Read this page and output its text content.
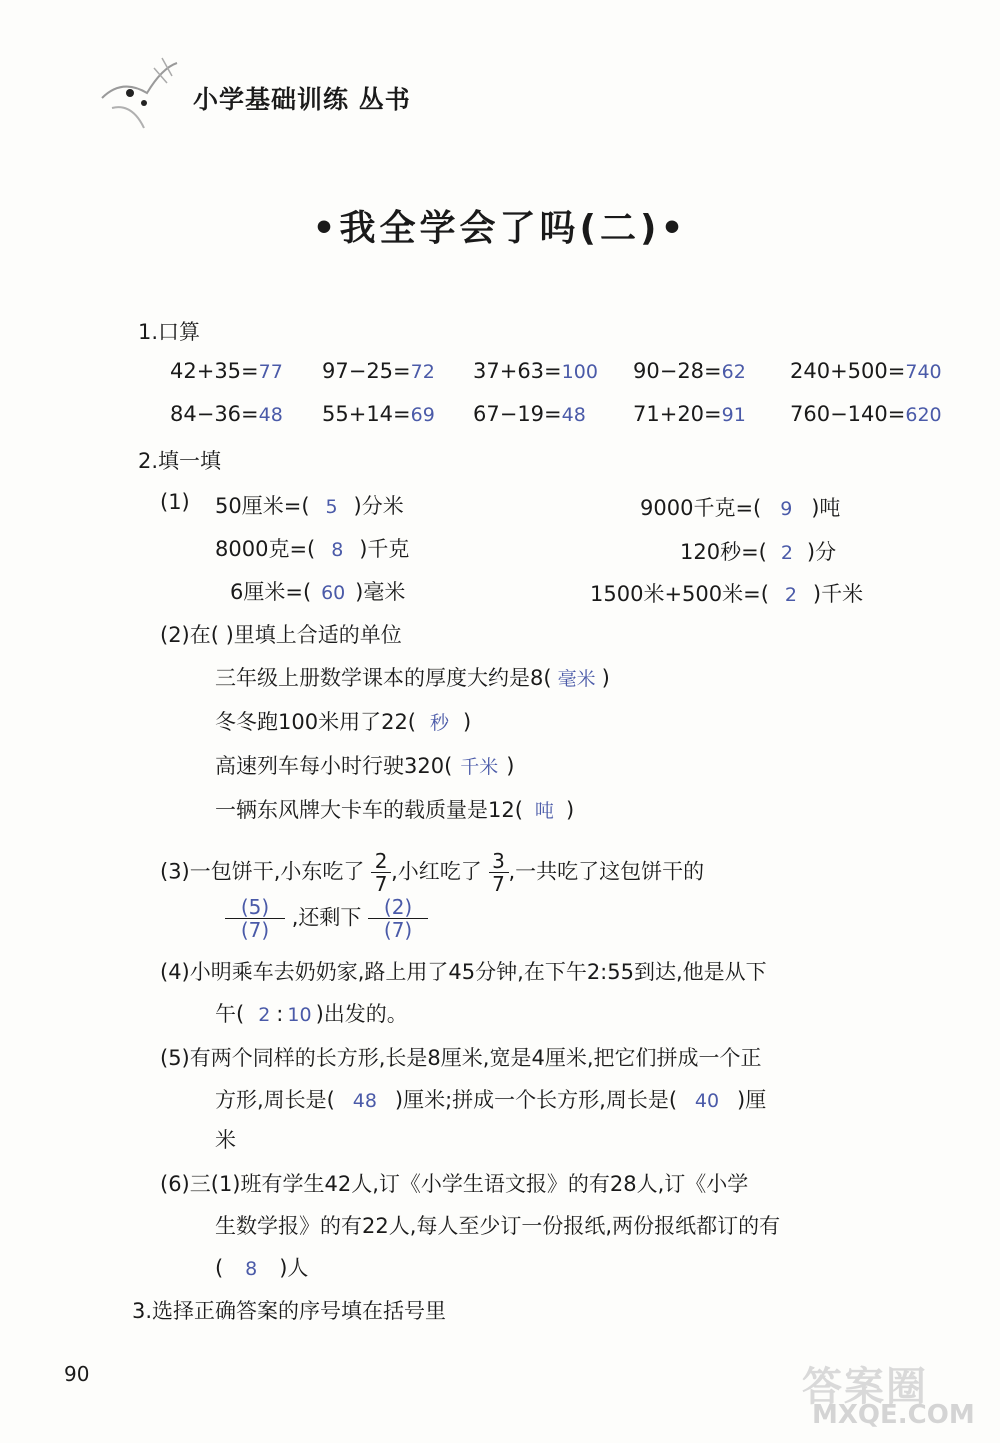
小学基础训练 丛书
•我全学会了吗(二)•
1.口算
42+35=77 97−25=72 37+63=100 90−28=62 240+500=740
84−36=48 55+14=69 67−19=48 71+20=91 760−140=620
2.填一填
(1) 50厘米=( 5 )分米	9000千克=( 9 )吨
8000克=( 8 )千克	120秒=( 2 )分
6厘米=( 60 )毫米	1500米+500米=( 2 )千米
(2)在( )里填上合适的单位
三年级上册数学课本的厚度大约是8( 毫米 )
冬冬跑100米用了22( 秒 )
高速列车每小时行驶320( 千米 )
一辆东风牌大卡车的载质量是12( 吨 )
(3)一包饼干,小东吃了 $\frac{2}{7}$ ,小红吃了 $\frac{3}{7}$ ,一共吃了这包饼干的
$\frac{(5)}{(7)}$ ,还剩下 $\frac{(2)}{(7)}$
(4)小明乘车去奶奶家,路上用了45分钟,在下午2:55到达,他是从下
午( 2 : 10 )出发的。
(5)有两个同样的长方形,长是8厘米,宽是4厘米,把它们拼成一个正
方形,周长是( 48 )厘米;拼成一个长方形,周长是( 40 )厘
米
(6)三(1)班有学生42人,订《小学生语文报》的有28人,订《小学
生数学报》的有22人,每人至少订一份报纸,两份报纸都订的有
( 8 )人
3.选择正确答案的序号填在括号里
90	答案圈
MXQE.COM
